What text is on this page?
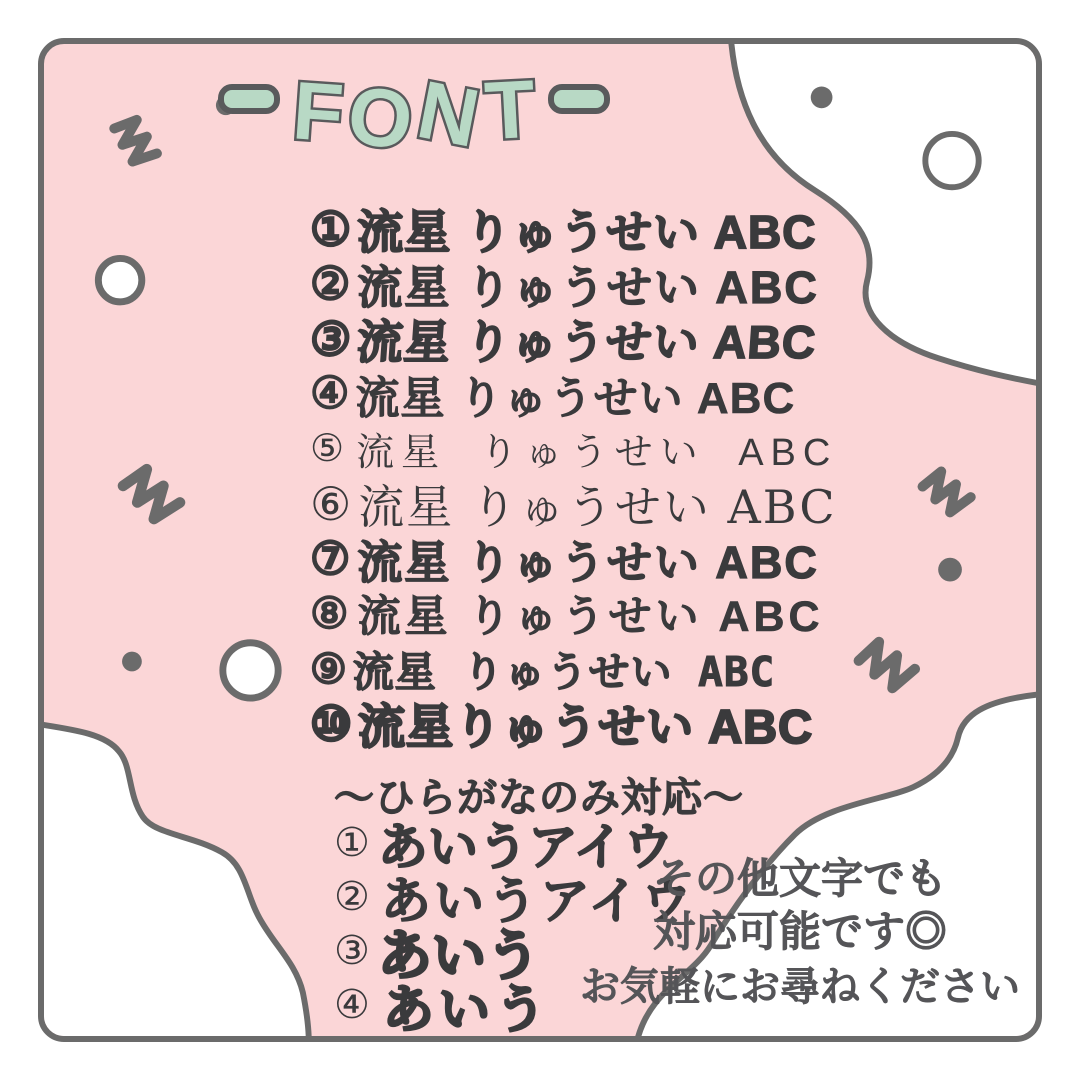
FONT
① 流星 りゅうせい ABC
② 流星 りゅうせい ABC
③ 流星 りゅうせい ABC
④ 流星 りゅうせい ABC
⑤ 流星 りゅうせい ABC
⑥ 流星 りゅうせい ABC
⑦ 流星 りゅうせい ABC
⑧ 流星 りゅうせい ABC
⑨ 流星 りゅうせい ABC
⑩ 流星りゅうせい ABC
〜ひらがなのみ対応〜
① あいうアイウ
② あいうアイウ
③ あいう
④ あいう
その他文字でも
対応可能です◎
お気軽にお尋ねください
